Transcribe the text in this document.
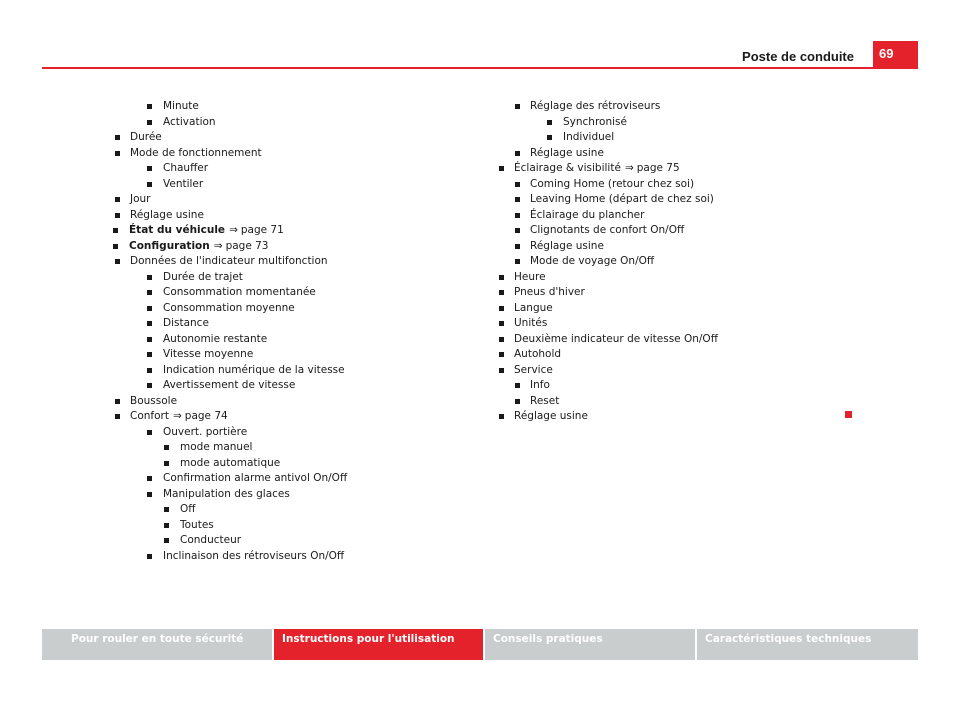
Poste de conduite	69
Minute
Activation
Durée
Mode de fonctionnement
Chauffer
Ventiler
Jour
Réglage usine
État du véhicule ⇒ page 71
Configuration ⇒ page 73
Données de l'indicateur multifonction
Durée de trajet
Consommation momentanée
Consommation moyenne
Distance
Autonomie restante
Vitesse moyenne
Indication numérique de la vitesse
Avertissement de vitesse
Boussole
Confort ⇒ page 74
Ouvert. portière
mode manuel
mode automatique
Confirmation alarme antivol On/Off
Manipulation des glaces
Off
Toutes
Conducteur
Inclinaison des rétroviseurs On/Off
Réglage des rétroviseurs
Synchronisé
Individuel
Réglage usine
Éclairage & visibilité ⇒ page 75
Coming Home (retour chez soi)
Leaving Home (départ de chez soi)
Éclairage du plancher
Clignotants de confort On/Off
Réglage usine
Mode de voyage On/Off
Heure
Pneus d'hiver
Langue
Unités
Deuxième indicateur de vitesse On/Off
Autohold
Service
Info
Reset
Réglage usine
Pour rouler en toute sécurité	Instructions pour l'utilisation	Conseils pratiques	Caractéristiques techniques
